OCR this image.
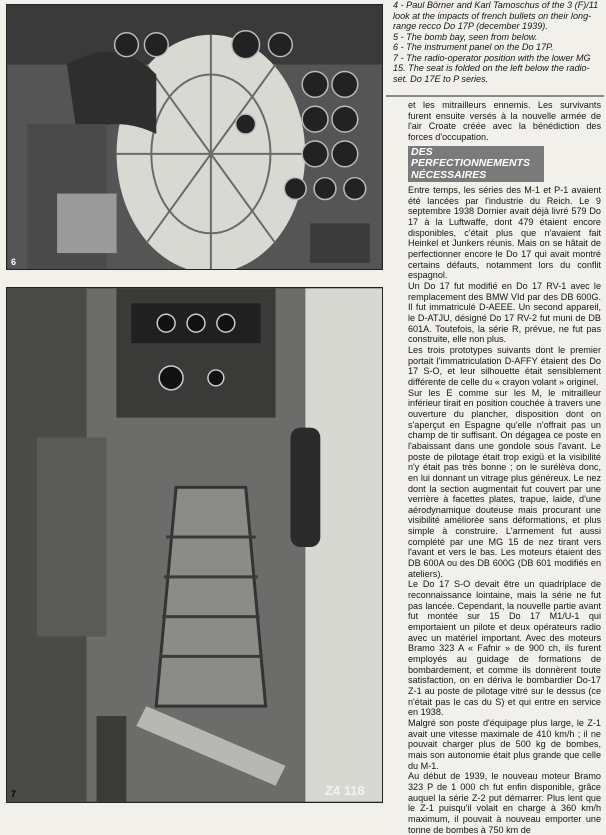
6
7	Z4 118

4 - Paul Börner and Karl Tamoschus of the 3 (F)/11 look at the impacts of french bullets on their long-range recco Do 17P (december 1939).

5 - The bomb bay, seen from below.

6 - The instrument panel on the Do 17P.

7 - The radio-operator position with the lower MG 15. The seat is folded on the left below the radio-set. Do 17E to P series.

et les mitrailleurs ennemis. Les survivants furent ensuite versés à la nouvelle armée de l'air Croate créée avec la bénédiction des forces d'occupation.

DES PERFECTIONNEMENTS
NÉCESSAIRES

Entre temps, les séries des M-1 et P-1 avaient été lancées par l'industrie du Reich. Le 9 septembre 1938 Dornier avait déjà livré 579 Do 17 à la Luftwaffe, dont 479 étaient encore disponibles, c'était plus que n'avaient fait Heinkel et Junkers réunis. Mais on se hâtait de perfectionner encore le Do 17 qui avait montré certains défauts, notamment lors du conflit espagnol.

Un Do 17 fut modifié en Do 17 RV-1 avec le remplacement des BMW VId par des DB 600G. Il fut immatriculé D-AEEE. Un second appareil, le D-ATJU, désigné Do 17 RV-2 fut muni de DB 601A. Toutefois, la série R, prévue, ne fut pas construite, elle non plus.

Les trois prototypes suivants dont le premier portait l'immatriculation D-AFFY étaient des Do 17 S-O, et leur silhouette était sensiblement différente de celle du « crayon volant » originel.

Sur les E comme sur les M, le mitrailleur inférieur tirait en position couchée à travers une ouverture du plancher, disposition dont on s'aperçut en Espagne qu'elle n'offrait pas un champ de tir suffisant. On dégagea ce poste en l'abaissant dans une gondole sous l'avant. Le poste de pilotage était trop exigü et la visibilité n'y était pas très bonne ; on le surélèva donc, en lui donnant un vitrage plus généreux. Le nez dont la section augmentait fut couvert par une verrière à facettes plates, trapue, laide, d'une aérodynamique douteuse mais procurant une visibilité améliorée sans déformations, et plus simple à construire. L'armement fut aussi complété par une MG 15 de nez tirant vers l'avant et vers le bas. Les moteurs étaient des DB 600A ou des DB 600G (DB 601 modifiés en ateliers).

Le Do 17 S-O devait être un quadriplace de reconnaissance lointaine, mais la série ne fut pas lancée. Cependant, la nouvelle partie avant fut montée sur 15 Do 17 M1/U-1 qui emportaient un pilote et deux opérateurs radio avec un matériel important. Avec des moteurs Bramo 323 A « Fafnir » de 900 ch, ils furent employés au guidage de formations de bombardement, et comme ils donnèrent toute satisfaction, on en dériva le bombardier Do-17 Z-1 au poste de pilotage vitré sur le dessus (ce n'était pas le cas du S) et qui entre en service en 1938.

Malgré son poste d'équipage plus large, le Z-1 avait une vitesse maximale de 410 km/h ; il ne pouvait charger plus de 500 kg de bombes, mais son autonomie était plus grande que celle du M-1.

Au début de 1939, le nouveau moteur Bramo 323 P de 1 000 ch fut enfin disponible, grâce auquel la série Z-2 put démarrer. Plus lent que le Z-1 puisqu'il volait en charge à 360 km/h maximum, il pouvait à nouveau emporter une tonne de bombes à 750 km de
